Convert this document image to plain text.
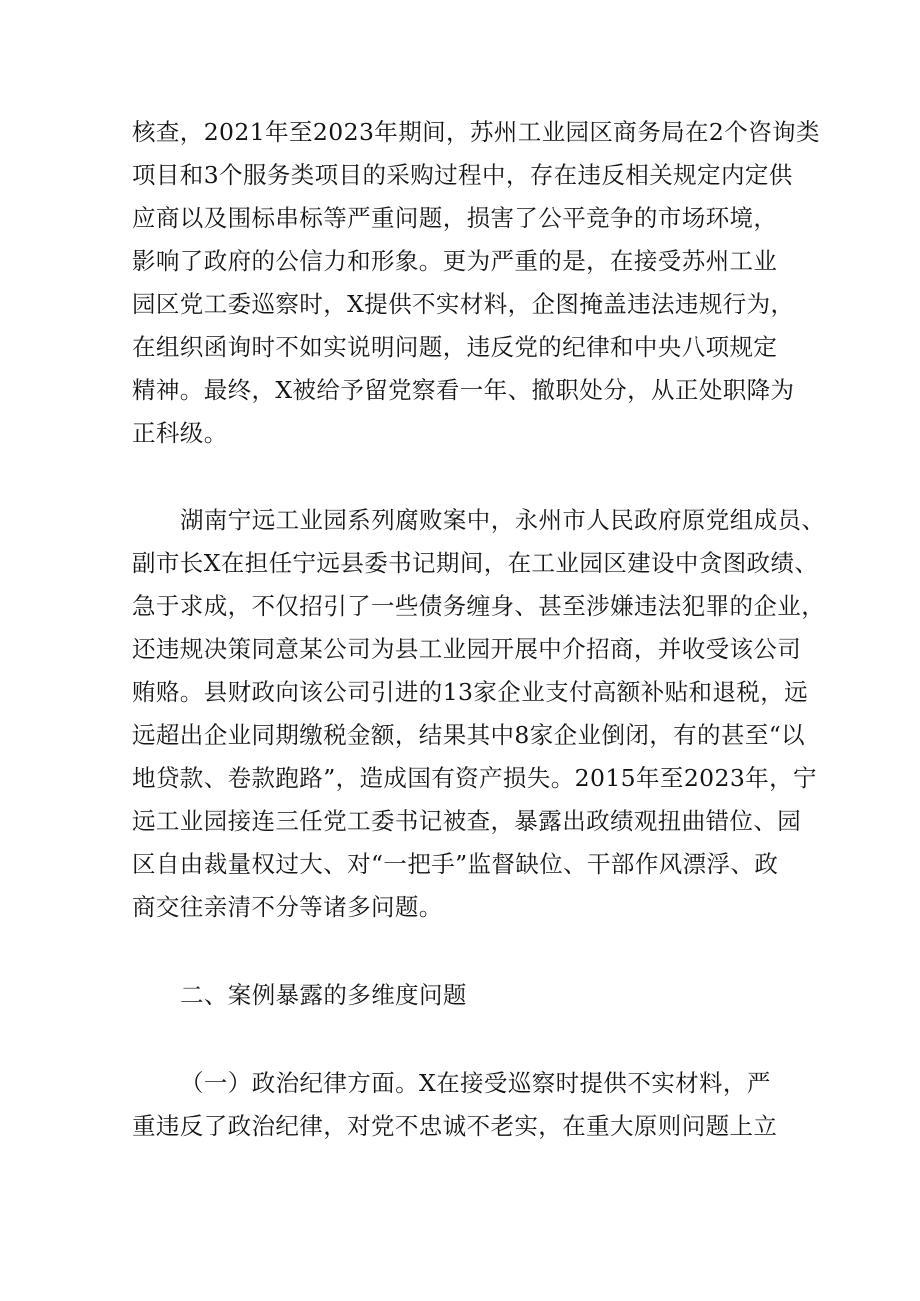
核查，2021年至2023年期间，苏州工业园区商务局在2个咨询类
项目和3个服务类项目的采购过程中，存在违反相关规定内定供
应商以及围标串标等严重问题，损害了公平竞争的市场环境，
影响了政府的公信力和形象。更为严重的是，在接受苏州工业
园区党工委巡察时，X提供不实材料，企图掩盖违法违规行为，
在组织函询时不如实说明问题，违反党的纪律和中央八项规定
精神。最终，X被给予留党察看一年、撤职处分，从正处职降为
正科级。
湖南宁远工业园系列腐败案中，永州市人民政府原党组成员、
副市长X在担任宁远县委书记期间，在工业园区建设中贪图政绩、
急于求成，不仅招引了一些债务缠身、甚至涉嫌违法犯罪的企业，
还违规决策同意某公司为县工业园开展中介招商，并收受该公司
贿赂。县财政向该公司引进的13家企业支付高额补贴和退税，远
远超出企业同期缴税金额，结果其中8家企业倒闭，有的甚至“以
地贷款、卷款跑路”，造成国有资产损失。2015年至2023年，宁
远工业园接连三任党工委书记被查，暴露出政绩观扭曲错位、园
区自由裁量权过大、对“一把手”监督缺位、干部作风漂浮、政
商交往亲清不分等诸多问题。
二、案例暴露的多维度问题
（一）政治纪律方面。X在接受巡察时提供不实材料，严
重违反了政治纪律，对党不忠诚不老实，在重大原则问题上立
